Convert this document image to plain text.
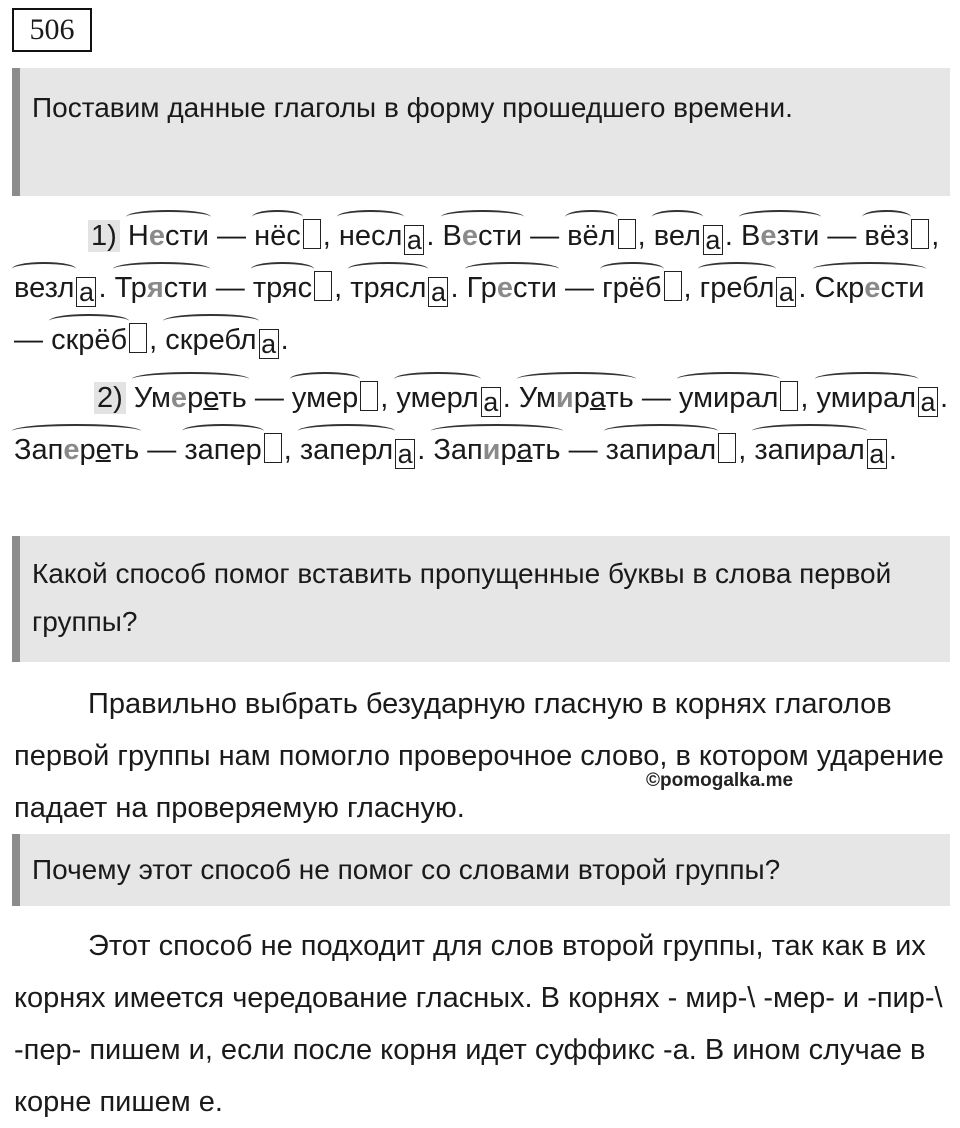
506
Поставим данные глаголы в форму прошедшего времени.
1) Нести — нёс , несл а . Вести — вёл , вел а . Везти — вёз , везл а . Трясти — тряс , трясл а . Грести — грёб , гребл а . Скрести — скрёб , скребл а .
2) Умереть — умер , умерл а . Умирать — умирал , умирал а . Запереть — запер , заперл а . Запирать — запирал , запирал а .
Какой способ помог вставить пропущенные буквы в слова первой группы?
Правильно выбрать безударную гласную в корнях глаголов первой группы нам помогло проверочное слово, в котором ударение падает на проверяемую гласную.
©pomogalka.me
Почему этот способ не помог со словами второй группы?
Этот способ не подходит для слов второй группы, так как в их корнях имеется чередование гласных. В корнях - мир-\ -мер- и -пир-\ -пер- пишем и, если после корня идет суффикс -а. В ином случае в корне пишем е.
